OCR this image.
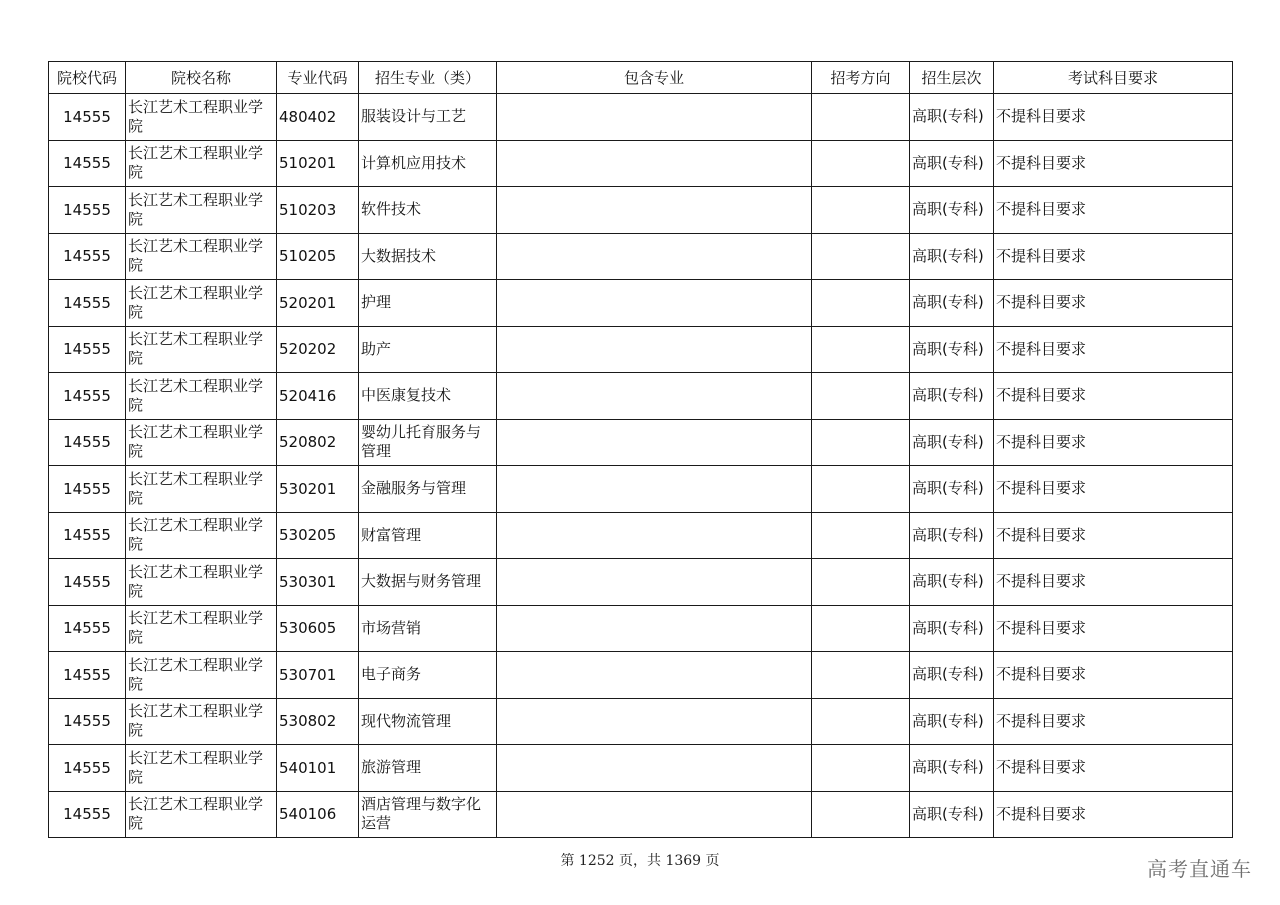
院校代码	院校名称	专业代码	招生专业（类）	包含专业	招考方向	招生层次	考试科目要求
14555	长江艺术工程职业学院	480402	服装设计与工艺			高职(专科)	不提科目要求
14555	长江艺术工程职业学院	510201	计算机应用技术			高职(专科)	不提科目要求
14555	长江艺术工程职业学院	510203	软件技术			高职(专科)	不提科目要求
14555	长江艺术工程职业学院	510205	大数据技术			高职(专科)	不提科目要求
14555	长江艺术工程职业学院	520201	护理			高职(专科)	不提科目要求
14555	长江艺术工程职业学院	520202	助产			高职(专科)	不提科目要求
14555	长江艺术工程职业学院	520416	中医康复技术			高职(专科)	不提科目要求
14555	长江艺术工程职业学院	520802	婴幼儿托育服务与管理			高职(专科)	不提科目要求
14555	长江艺术工程职业学院	530201	金融服务与管理			高职(专科)	不提科目要求
14555	长江艺术工程职业学院	530205	财富管理			高职(专科)	不提科目要求
14555	长江艺术工程职业学院	530301	大数据与财务管理			高职(专科)	不提科目要求
14555	长江艺术工程职业学院	530605	市场营销			高职(专科)	不提科目要求
14555	长江艺术工程职业学院	530701	电子商务			高职(专科)	不提科目要求
14555	长江艺术工程职业学院	530802	现代物流管理			高职(专科)	不提科目要求
14555	长江艺术工程职业学院	540101	旅游管理			高职(专科)	不提科目要求
14555	长江艺术工程职业学院	540106	酒店管理与数字化运营			高职(专科)	不提科目要求
第 1252 页，共 1369 页	高考直通车
